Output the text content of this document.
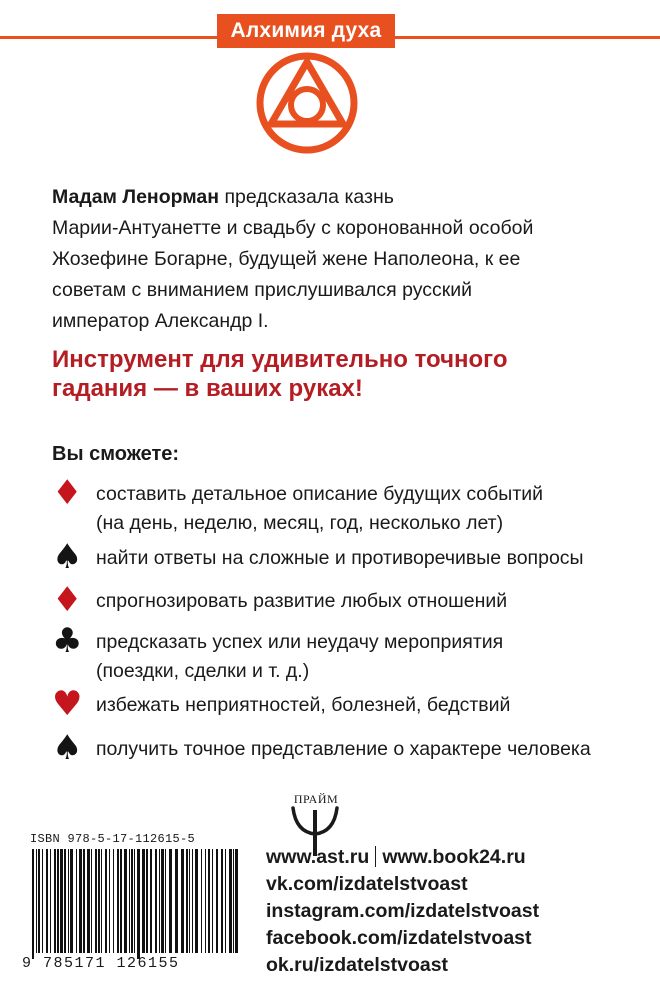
Алхимия духа
Мадам Ленорман предсказала казнь
Марии-Антуанетте и свадьбу с коронованной особой
Жозефине Богарне, будущей жене Наполеона, к ее
советам с вниманием прислушивался русский
император Александр I.
Инструмент для удивительно точного
гадания — в ваших руках!
Вы сможете:
♦ составить детальное описание будущих событий
(на день, неделю, месяц, год, несколько лет)
♠ найти ответы на сложные и противоречивые вопросы
♦ спрогнозировать развитие любых отношений
♣ предсказать успех или неудачу мероприятия
(поездки, сделки и т. д.)
♥ избежать неприятностей, болезней, бедствий
♠ получить точное представление о характере человека
ПРАЙМ
ISBN 978-5-17-112615-5
9 785171 126155
www.ast.ru www.book24.ru
vk.com/izdatelstvoast
instagram.com/izdatelstvoast
facebook.com/izdatelstvoast
ok.ru/izdatelstvoast
